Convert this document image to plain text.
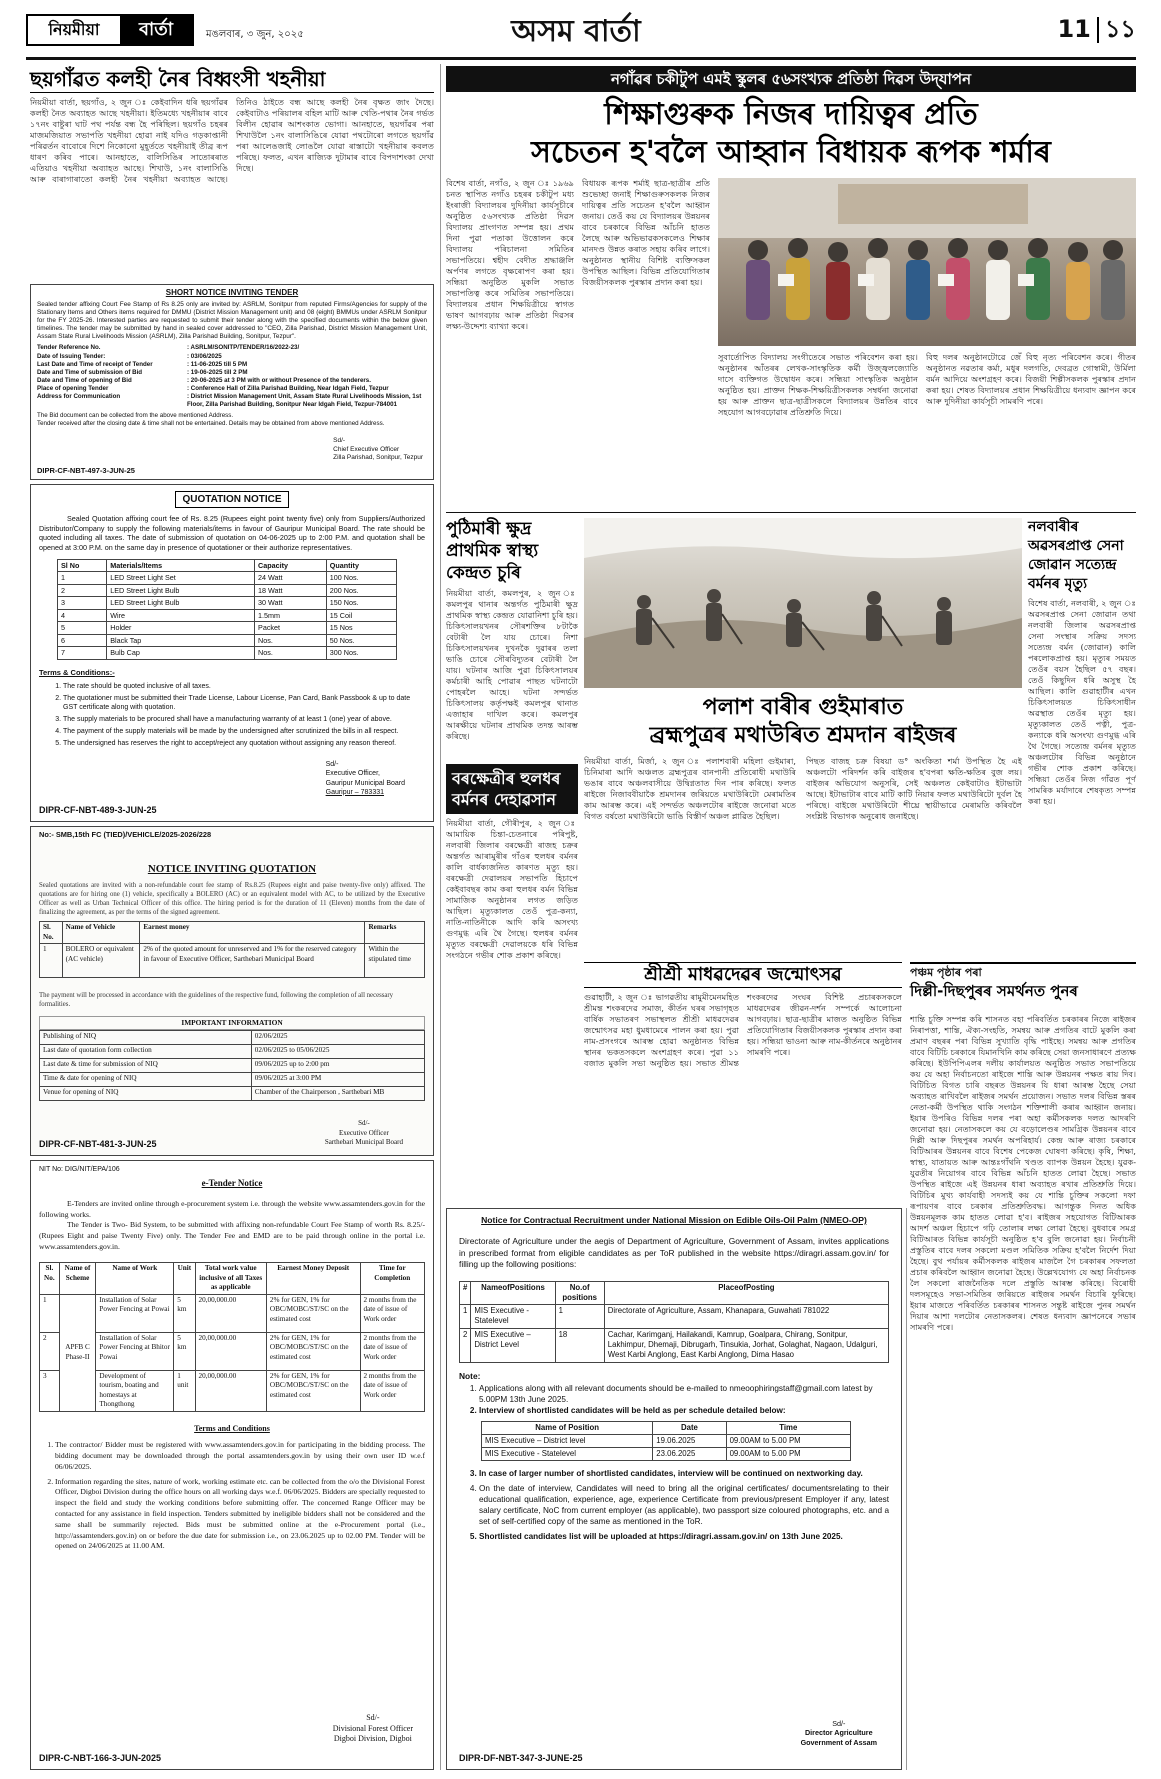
নিয়মীয়া	বাৰ্তা	মঙলবাৰ, ৩ জুন, ২০২৫	অসম বাৰ্তা	11 ১১
ছয়গাঁৱত কলহী নৈৰ বিধ্বংসী খহনীয়া
নিয়মীয়া বাৰ্তা, ছয়গাঁও, ২ জুন ঃ কেইবাদিন ধৰি ছয়গাঁৱৰ কলহী নৈত অব্যাহত আছে খহনীয়া। ইতিমধ্যে খহনীয়াৰ বাবে ১৭নং বাষ্টুৰা ঘাট পথ পৰ্যন্ত বন্ধ হৈ পৰিছিল। ছয়গাঁও চহৰৰ মাজমজিয়াত সভাপতি খহনীয়া হোৱা নাই যদিও গড়কাপ্তানী পৰিৱৰ্তন বাবোৰে দিশে নিকোনো মুহূৰ্ততে খহনীয়াই তীব্ৰ ৰূপ ধাৰণ কৰিব পাৰে। আনহাতে, বালিসিঙিৰ সাতোৰৰাত এতিয়াও খহনীয়া অব্যাহত আছে। শিখাউ, ১নং বালাসিঙি আৰু বাৰাগাৰাতো কলহী নৈৰ খহনীয়া অব্যাহত আছে। তিনিও ঠাইতে বন্ধ আছে কলহী নৈৰ বৃক্ষত জাং দৈছে। কেইবাটাও পৰিয়ালৰ বহিল মাটি আৰু খেতি-পথাৰ নৈৰ গৰ্ভত বিলীন হোৱাৰ আশংকাত ভোগা। আনহাতে, ছয়গাঁৱৰ পৰা শিখাউলৈ ১নং বালাসিঙিৰে যোৱা পথটোৰো লগতে ছয়গাঁৱ পৰা আলেঙজাই লোঙলৈ যোৱা ৰাস্তাটো খহনীয়াৰ কবলত পৰিছে। ফলত, এখন ৰাজ্যিক দুটামাৰ বাবে বিপদাশংকা দেখা দিছে।
SHORT NOTICE INVITING TENDER
Sealed tender affixing Court Fee Stamp of Rs 8.25 only are invited by: ASRLM, Sonitpur from reputed Firms/Agencies for supply of the Stationary Items and Others items required for DMMU (District Mission Management unit) and 08 (eight) BMMUs under ASRLM Sonitpur for the FY 2025-26. Interested parties are requested to submit their tender along with the specified documents within the below given timelines. The tender may be submitted by hand in sealed cover addressed to "CEO, Zilla Parishad, District Mission Management Unit, Assam State Rural Livelihoods Mission (ASRLM), Zilla Parishad Building, Sonitpur, Tezpur".
Tender Reference No.	: ASRLM/SONITP/TENDER/16/2022-23/
Date of Issuing Tender:	: 03/06/2025
Last Date and Time of receipt of Tender	: 11-06-2025 till 5 PM
Date and Time of submission of Bid	: 19-06-2025 till 2 PM
Date and Time of opening of Bid	: 20-06-2025 at 3 PM with or without Presence of the tenderers.
Place of opening Tender	: Conference Hall of Zilla Parishad Building, Near Idgah Field, Tezpur
Address for Communication	: District Mission Management Unit, Assam State Rural Livelihoods Mission, 1st Floor, Zilla Parishad Building, Sonitpur Near Idgah Field, Tezpur-784001
The Bid document can be collected from the above mentioned Address.
Tender received after the closing date & time shall not be entertained. Details may be obtained from above mentioned Address.
Sd/-
Chief Executive Officer
Zilla Parishad, Sonitpur, Tezpur
DIPR-CF-NBT-497-3-JUN-25
QUOTATION NOTICE
Sealed Quotation affixing court fee of Rs. 8.25 (Rupees eight point twenty five) only from Suppliers/Authorized Distributor/Company to supply the following materials/items in favour of Gauripur Municipal Board. The rate should be quoted including all taxes. The date of submission of quotation on 04-06-2025 up to 2:00 P.M. and quotation shall be opened at 3:00 P.M. on the same day in presence of quotationer or their authorize representatives.
Sl No	Materials/Items	Capacity	Quantity
1	LED Street Light Set	24 Watt	100 Nos.
2	LED Street Light Bulb	18 Watt	200 Nos.
3	LED Street Light Bulb	30 Watt	150 Nos.
4	Wire	1.5mm	15 Coil
5	Holder	Packet	15 Nos
6	Black Tap	Nos.	50 Nos.
7	Bulb Cap	Nos.	300 Nos.
Terms & Conditions:-
1. The rate should be quoted inclusive of all taxes.
2. The quotationer must be submitted their Trade License, Labour License, Pan Card, Bank Passbook & up to date GST certificate along with quotation.
3. The supply materials to be procured shall have a manufacturing warranty of at least 1 (one) year of above.
4. The payment of the supply materials will be made by the undersigned after scrutinized the bills in all respect.
5. The undersigned has reserves the right to accept/reject any quotation without assigning any reason thereof.
Sd/-
Executive Officer,
Gauripur Municipal Board
Gauripur – 783331
DIPR-CF-NBT-489-3-JUN-25
No:- SMB,15th FC (TIED)/VEHICLE/2025-2026/228
NOTICE INVITING QUOTATION
Sealed quotations are invited with a non-refundable court fee stamp of Rs.8.25 (Rupees eight and paise twenty-five only) affixed. The quotations are for hiring one (1) vehicle, specifically a BOLERO (AC) or an equivalent model with AC, to be utilized by the Executive Officer as well as Urban Technical Officer of this office. The hiring period is for the duration of 11 (Eleven) months from the date of finalizing the agreement, as per the terms of the signed agreement.
Sl. No.	Name of Vehicle	Earnest money	Remarks
1	BOLERO or equivalent (AC vehicle)	2% of the quoted amount for unreserved and 1% for the reserved category in favour of Executive Officer, Sarthebari Municipal Board	Within the stipulated time
The payment will be processed in accordance with the guidelines of the respective fund, following the completion of all necessary formalities.
IMPORTANT INFORMATION
Publishing of NIQ	02/06/2025
Last date of quotation form collection	02/06/2025 to 05/06/2025
Last date & time for submission of NIQ	09/06/2025 up to 2:00 pm
Time & date for opening of NIQ	09/06/2025 at 3:00 PM
Venue for opening of NIQ	Chamber of the Chairperson , Sarthebari MB
Sd/-
Executive Officer
Sarthebari Municipal Board
DIPR-CF-NBT-481-3-JUN-25
NIT No: DIG/NIT/EPA/106
e-Tender Notice
E-Tenders are invited online through e-procurement system i.e. through the website www.assamtenders.gov.in for the following works.
The Tender is Two- Bid System, to be submitted with affixing non-refundable Court Fee Stamp of worth Rs. 8.25/- (Rupees Eight and paise Twenty Five) only. The Tender Fee and EMD are to be paid through online in the portal i.e. www.assamtenders.gov.in.
Sl. No.	Name of Scheme	Name of Work	Unit	Total work value inclusive of all Taxes as applicable	Earnest Money Deposit	Time for Completion
1	APFB C Phase-II	Installation of Solar Power Fencing at Powai	5 km	20,00,000.00	2% for GEN, 1% for OBC/MOBC/ST/SC on the estimated cost	2 months from the date of issue of Work order
2		Installation of Solar Power Fencing at Bhitor Powai	5 km	20,00,000.00	2% for GEN, 1% for OBC/MOBC/ST/SC on the estimated cost	2 months from the date of issue of Work order
3		Development of tourism, boating and homestays at Thongthong	1 unit	20,00,000.00	2% for GEN, 1% for OBC/MOBC/ST/SC on the estimated cost	2 months from the date of issue of Work order
Terms and Conditions
1. The contractor/ Bidder must be registered with www.assamtenders.gov.in for participating in the bidding process. The bidding document may be downloaded through the portal assamtenders.gov.in by using their own user ID w.e.f 06/06/2025.
2. Information regarding the sites, nature of work, working estimate etc. can be collected from the o/o the Divisional Forest Officer, Digboi Division during the office hours on all working days w.e.f. 06/06/2025. Bidders are specially requested to inspect the field and study the working conditions before submitting offer. The concerned Range Officer may be contacted for any assistance in field inspection. Tenders submitted by ineligible bidders shall not be considered and the same shall be summarily rejected. Bids must be submitted online at the e-Procurement portal (i.e., http://assamtenders.gov.in) on or before the due date for submission i.e., on 23.06.2025 up to 02.00 PM. Tender will be opened on 24/06/2025 at 11.00 AM.
Sd/-
Divisional Forest Officer
Digboi Division, Digboi
DIPR-C-NBT-166-3-JUN-2025
নগাঁৱৰ চকীটুপ এমই স্কুলৰ ৫৬সংখ্যক প্ৰতিষ্ঠা দিৱস উদ্‌যাপন
শিক্ষাগুৰুক নিজৰ দায়িত্বৰ প্ৰতি
সচেতন হ'বলৈ আহ্বান বিধায়ক ৰূপক শৰ্মাৰ
বিশেষ বাৰ্তা, নগাঁও, ২ জুন ঃ ১৯৬৯ চনত স্থাপিত নগাঁও চহৰৰ চকীটুপ মধ্য ইংৰাজী বিদ্যালয়ৰ দুদিনীয়া কাৰ্যসূচীৰে অনুষ্ঠিত ৫৬সংখ্যক প্ৰতিষ্ঠা দিৱস বিদ্যালয় প্ৰাংগণত সম্পন্ন হয়। প্ৰথম দিনা পুৱা পতাকা উত্তোলন কৰে বিদ্যালয় পৰিচালনা সমিতিৰ সভাপতিয়ে। শ্বহীদ বেদীত শ্ৰদ্ধাঞ্জলি অৰ্পণৰ লগতে বৃক্ষৰোপণ কৰা হয়। সন্ধিয়া অনুষ্ঠিত মুকলি সভাত সভাপতিত্ব কৰে সমিতিৰ সভাপতিয়ে। বিদ্যালয়ৰ প্ৰধান শিক্ষয়িত্ৰীয়ে স্বাগত ভাষণ আগবঢ়ায় আৰু প্ৰতিষ্ঠা দিৱসৰ লক্ষ্য-উদ্দেশ্য ব্যাখ্যা কৰে।
বিধায়ক ৰূপক শৰ্মাই ছাত্ৰ-ছাত্ৰীৰ প্ৰতি শুভেচ্ছা জনাই শিক্ষাগুৰুসকলক নিজৰ দায়িত্বৰ প্ৰতি সচেতন হ'বলৈ আহ্বান জনায়। তেওঁ কয় যে বিদ্যালয়ৰ উন্নয়নৰ বাবে চৰকাৰে বিভিন্ন আঁচনি হাতত লৈছে আৰু অভিভাৱকসকলেও শিক্ষাৰ মানদণ্ড উন্নত কৰাত সহায় কৰিব লাগে। অনুষ্ঠানত স্থানীয় বিশিষ্ট ব্যক্তিসকল উপস্থিত আছিল। বিভিন্ন প্ৰতিযোগিতাৰ বিজয়ীসকলক পুৰস্কাৰ প্ৰদান কৰা হয়।
সুবাৰ্তোপিত বিদ্যালয় সংগীতেৰে সভাত পৰিবেশন কৰা হয়। অনুষ্ঠানৰ আঁতৰৰ লেখক-সাংস্কৃতিক কৰ্মী উজ্জ্বলজ্যোতি দাসে ব্যক্তিগত উদ্বোধন কৰে। সন্ধিয়া সাংস্কৃতিক অনুষ্ঠান অনুষ্ঠিত হয়। প্ৰাক্তন শিক্ষক-শিক্ষয়িত্ৰীসকলক সম্বৰ্ধনা জনোৱা হয় আৰু প্ৰাক্তন ছাত্ৰ-ছাত্ৰীসকলে বিদ্যালয়ৰ উন্নতিৰ বাবে সহযোগ আগবঢ়োৱাৰ প্ৰতিশ্ৰুতি দিয়ে।
বিহু দলৰ অনুষ্ঠানটোৱে জেঁ বিহু নৃত্য পৰিবেশন কৰে। গীতৰ অনুষ্ঠানত নৱতাৰ কৰ্মা, মধুৰ দলগতি, দেবব্ৰত গোস্বামী, উৰ্মিলা বৰ্মন আদিয়ে অংশগ্ৰহণ কৰে। বিজয়ী শিল্পীসকলক পুৰস্কাৰ প্ৰদান কৰা হয়। শেষত বিদ্যালয়ৰ প্ৰধান শিক্ষয়িত্ৰীয়ে ধন্যবাদ জ্ঞাপন কৰে আৰু দুদিনীয়া কাৰ্যসূচী সামৰণি পৰে।
পুঠিমাৰী ক্ষুদ্ৰ প্ৰাথমিক স্বাস্থ্য কেন্দ্ৰত চুৰি
নিয়মীয়া বাৰ্তা, কমলপুৰ, ২ জুন ঃ কমলপুৰ থানাৰ অন্তৰ্গত পুঠিমাৰী ক্ষুদ্ৰ প্ৰাথমিক স্বাস্থ্য কেন্দ্ৰত যোৱানিশা চুৰি হয়। চিকিৎসালয়খনৰ সৌৰশক্তিৰ ৮টাকৈ বেটাৰী লৈ যায় চোৰে। নিশা চিকিৎসালয়খনৰ দুখনকৈ দুৱাৰৰ তলা ভাঙি চোৰে সৌৰবিদ্যুতৰ বেটাৰী লৈ যায়। ঘটনাৰ আজি পুৱা চিকিৎসালয়ৰ কৰ্মচাৰী আহি পোৱাৰ পাছত ঘটনাটো পোহৰলৈ আহে। ঘটনা সন্দৰ্ভত চিকিৎসালয় কৰ্তৃপক্ষই কমলপুৰ থানাত এজাহাৰ দাখিল কৰে। কমলপুৰ আৰক্ষীয়ে ঘটনাৰ প্ৰাথমিক তদন্ত আৰম্ভ কৰিছে।
নলবাৰীৰ অৱসৰপ্ৰাপ্ত সেনা জোৱান সত্যেন্দ্ৰ বৰ্মনৰ মৃত্যু
বিশেষ বাৰ্তা, নলবাৰী, ২ জুন ঃ অৱসৰপ্ৰাপ্ত সেনা জোৱান তথা নলবাৰী জিলাৰ অৱসৰপ্ৰাপ্ত সেনা সংস্থাৰ সক্ৰিয় সদস্য সত্যেন্দ্ৰ বৰ্মন (জোৱান) কালি পৰলোকপ্ৰাপ্ত হয়। মৃত্যুৰ সময়ত তেওঁৰ বয়স হৈছিল ৫৭ বছৰ। তেওঁ কিছুদিন ধৰি অসুস্থ হৈ আছিল। কালি গুৱাহাটীৰ এখন চিকিৎসালয়ত চিকিৎসাধীন অৱস্থাত তেওঁৰ মৃত্যু হয়। মৃত্যুকালত তেওঁ পত্নী, পুত্ৰ-কন্যাকে ধৰি অসংখ্য গুণমুগ্ধ এৰি থৈ গৈছে। সত্যেন্দ্ৰ বৰ্মনৰ মৃত্যুত অঞ্চলটোৰ বিভিন্ন অনুষ্ঠানে গভীৰ শোক প্ৰকাশ কৰিছে। সন্ধিয়া তেওঁৰ নিজ গাঁৱত পূৰ্ণ সামৰিক মৰ্যাদাৰে শেষকৃত্য সম্পন্ন কৰা হয়।
বৰক্ষেত্ৰীৰ হুলধৰ বৰ্মনৰ দেহাৱসান
নিয়মীয়া বাৰ্তা, গৌৰীপুৰ, ২ জুন ঃ আমায়িক চিন্তা-চেতনাৰে পৰিপুষ্ট, নলবাৰী জিলাৰ বৰক্ষেত্ৰী ৰাজহ চক্ৰৰ অন্তৰ্গত আৰামুৰীৰ গাঁওৰ হুলধৰ বৰ্মনৰ কালি বাৰ্ধক্যজনিত কাৰণত মৃত্যু হয়। বৰক্ষেত্ৰী দেৱালয়ৰ সভাপতি হিচাপে কেইবাবছৰ কাম কৰা হুলধৰ বৰ্মন বিভিন্ন সামাজিক অনুষ্ঠানৰ লগত জড়িত আছিল। মৃত্যুকালত তেওঁ পুত্ৰ-কন্যা, নাতি-নাতিনীকে আদি কৰি অসংখ্য গুণমুগ্ধ এৰি থৈ গৈছে। হুলধৰ বৰ্মনৰ মৃত্যুত বৰক্ষেত্ৰী দেৱালয়কে ধৰি বিভিন্ন সংগঠনে গভীৰ শোক প্ৰকাশ কৰিছে।
পলাশ বাৰীৰ গুইমাৰাত
ব্ৰহ্মপুত্ৰৰ মথাউৰিত শ্ৰমদান ৰাইজৰ
নিয়মীয়া বাৰ্তা, মিৰ্জা, ২ জুন ঃ পলাশবাৰী মহিলা গুইমাৰা, চিনিমাৰা আদি অঞ্চলত ব্ৰহ্মপুত্ৰৰ বানপানী প্ৰতিৰোধী মথাউৰি ভঙাৰ বাবে অঞ্চলবাসীয়ে উদ্বিগ্নতাত দিন পাৰ কৰিছে। ফলত ৰাইজে নিজাববীয়াকৈ শ্ৰমদানৰ জৰিয়তে মথাউৰিটো মেৰামতিৰ কাম আৰম্ভ কৰে। এই সন্দৰ্ভত অঞ্চলটোৰ ৰাইজে জনোৱা মতে বিগত বৰ্ষতো মথাউৰিটো ভাঙি বিস্তীৰ্ণ অঞ্চল প্লাৱিত হৈছিল।
পিছত বাজহ চক্ৰ বিষয়া ড° অংকিতা শৰ্মা উপস্থিত হৈ এই অঞ্চলটো পৰিদৰ্শন কৰি বাইজৰ হ'বপৰা ক্ষতি-ক্ষতিৰ বুজ লয়। বাইজৰ অভিযোগ অনুসৰি, সেই অঞ্চলত কেইবাটাও ইটাভাটা আছে। ইটাভাটাৰ বাবে মাটি কাটি নিয়াৰ ফলত মথাউৰিটো দুৰ্বল হৈ পৰিছে। বাইজে মথাউৰিটো শীঘ্ৰে স্থায়ীভাৱে মেৰামতি কৰিবলৈ সংশ্লিষ্ট বিভাগক অনুৰোধ জনাইছে।
শ্ৰীশ্ৰী মাধৱদেৱৰ জন্মোৎসৱ
গুৱাহাটী, ২ জুন ঃ ভাগৱতীয় ৰামুমীমেনমহিত শ্ৰীমন্ত শংকৰদেৱ সমাজ, কীৰ্তন ঘৰৰ সভাগৃহত বাৰ্ষিক সভাতৰণ সভাস্থলত শ্ৰীশ্ৰী মাধৱদেৱৰ জন্মোৎসৱ মহা ধুমধামেৰে পালন কৰা হয়। পুৱা নাম-প্ৰসংগৰে আৰম্ভ হোৱা অনুষ্ঠানত বিভিন্ন স্থানৰ ভকতসকলে অংশগ্ৰহণ কৰে। পুৱা ১১ বজাত মুকলি সভা অনুষ্ঠিত হয়। সভাত শ্ৰীমন্ত শংকৰদেৱ সংঘৰ বিশিষ্ট প্ৰচাৰকসকলে মাধৱদেৱৰ জীৱন-দৰ্শন সম্পৰ্কে আলোচনা আগবঢ়ায়। ছাত্ৰ-ছাত্ৰীৰ মাজত অনুষ্ঠিত বিভিন্ন প্ৰতিযোগিতাৰ বিজয়ীসকলক পুৰস্কাৰ প্ৰদান কৰা হয়। সন্ধিয়া ভাওনা আৰু নাম-কীৰ্তনৰে অনুষ্ঠানৰ সামৰণি পৰে।
পঞ্চম পৃষ্ঠাৰ পৰা
দিল্লী-দিছপুৰৰ সমৰ্থনত পুনৰ
শান্তি চুক্তি সম্পন্ন কৰি শাসনত বহা পৰিবৰ্তিত চৰকাৰৰ নিজে ৰাইজৰ নিৰাপত্তা, শান্তি, ঐক্য-সংহতি, সমন্বয় আৰু প্ৰগতিৰ বাটে মুকলি কৰা প্ৰমাণ বছৰৰ পৰা বিভিন্ন সুখ্যাতি বৃদ্ধি পাইছে। সমন্বয় আৰু প্ৰগতিৰ বাবে বিটিচি চৰকাৰে যিমানখিনি কাম কৰিছে সেয়া জনসাধাৰণে প্ৰত্যক্ষ কৰিছে। ইউপিপিএলৰ দলীয় কাৰ্যালয়ত অনুষ্ঠিত সভাত সভাপতিয়ে কয় যে অহা নিৰ্বাচনতো ৰাইজে শান্তি আৰু উন্নয়নৰ পক্ষত ৰায় দিব। বিটিচিত বিগত চাৰি বছৰত উন্নয়নৰ যি ধাৰা আৰম্ভ হৈছে সেয়া অব্যাহত ৰাখিবলৈ ৰাইজৰ সমৰ্থন প্ৰয়োজন। সভাত দলৰ বিভিন্ন স্তৰৰ নেতা-কৰ্মী উপস্থিত থাকি সংগঠন শক্তিশালী কৰাৰ আহ্বান জনায়। ইয়াৰ উপৰিও বিভিন্ন দলৰ পৰা অহা কৰ্মীসকলক দলত আদৰণি জনোৱা হয়। নেতাসকলে কয় যে বড়োলেণ্ডৰ সামগ্ৰিক উন্নয়নৰ বাবে দিল্লী আৰু দিছপুৰৰ সমৰ্থন অপৰিহাৰ্য। কেন্দ্ৰ আৰু ৰাজ্য চৰকাৰে বিটিআৰৰ উন্নয়নৰ বাবে বিশেষ পেকেজ ঘোষণা কৰিছে। কৃষি, শিক্ষা, স্বাস্থ্য, যাতায়ত আৰু আন্তঃগাঁথনি খণ্ডত ব্যাপক উন্নয়ন হৈছে। যুৱক-যুৱতীৰ নিয়োগৰ বাবে বিভিন্ন আঁচনি হাতত লোৱা হৈছে। সভাত উপস্থিত ৰাইজে এই উন্নয়নৰ ধাৰা অব্যাহত ৰখাৰ প্ৰতিশ্ৰুতি দিয়ে। বিটিচিৰ মুখ্য কাৰ্যবাহী সদস্যই কয় যে শান্তি চুক্তিৰ সকলো দফা ৰূপায়ণৰ বাবে চৰকাৰ প্ৰতিশ্ৰুতিবদ্ধ। আগন্তুক দিনত অধিক উন্নয়নমূলক কাম হাতত লোৱা হ'ব। ৰাইজৰ সহযোগত বিটিআৰক আদৰ্শ অঞ্চল হিচাপে গঢ়ি তোলাৰ লক্ষ্য লোৱা হৈছে। বুধবাৰে সমগ্ৰ বিটিআৰত বিভিন্ন কাৰ্যসূচী অনুষ্ঠিত হ'ব বুলি জনোৱা হয়। নিৰ্বাচনী প্ৰস্তুতিৰ বাবে দলৰ সকলো মণ্ডল সমিতিক সক্ৰিয় হ'বলৈ নিৰ্দেশ দিয়া হৈছে। বুথ পৰ্যায়ৰ কৰ্মীসকলক ৰাইজৰ মাজলৈ গৈ চৰকাৰৰ সফলতা প্ৰচাৰ কৰিবলৈ আহ্বান জনোৱা হৈছে। উল্লেখযোগ্য যে অহা নিৰ্বাচনক লৈ সকলো ৰাজনৈতিক দলে প্ৰস্তুতি আৰম্ভ কৰিছে। বিৰোধী দলসমূহেও সভা-সমিতিৰ জৰিয়তে ৰাইজৰ সমৰ্থন বিচাৰি ফুৰিছে। ইয়াৰ মাজতে পৰিবৰ্তিত চৰকাৰৰ শাসনত সন্তুষ্ট ৰাইজে পুনৰ সমৰ্থন দিয়াৰ আশা দলটোৰ নেতাসকলৰ। শেষত ধন্যবাদ জ্ঞাপনেৰে সভাৰ সামৰণি পৰে।
Notice for Contractual Recruitment under National Mission on Edible Oils-Oil Palm (NMEO-OP)
Directorate of Agriculture under the aegis of Department of Agriculture, Government of Assam, invites applications in prescribed format from eligible candidates as per ToR published in the website https://diragri.assam.gov.in/ for filling up the following positions:
#	NameofPositions	No.of positions	PlaceofPosting
1	MIS Executive - Statelevel	1	Directorate of Agriculture, Assam, Khanapara, Guwahati 781022
2	MIS Executive – District Level	18	Cachar, Karimganj, Hailakandi, Kamrup, Goalpara, Chirang, Sonitpur, Lakhimpur, Dhemaji, Dibrugarh, Tinsukia, Jorhat, Golaghat, Nagaon, Udalguri, West Karbi Anglong, East Karbi Anglong, Dima Hasao
Note:
1. Applications along with all relevant documents should be e-mailed to nmeoophiringstaff@gmail.com latest by 5.00PM 13th June 2025.
2. Interview of shortlisted candidates will be held as per schedule detailed below:
Name of Position	Date	Time
MIS Executive – District level	19.06.2025	09.00AM to 5.00 PM
MIS Executive - Statelevel	23.06.2025	09.00AM to 5.00 PM
3. In case of larger number of shortlisted candidates, interview will be continued on nextworking day.
4. On the date of interview, Candidates will need to bring all the original certificates/ documentsrelating to their educational qualification, experience, age, experience Certificate from previous/present Employer if any, latest salary certificate, NoC from current employer (as applicable), two passport size coloured photographs, etc. and a set of self-certified copy of the same as mentioned in the ToR.
5. Shortlisted candidates list will be uploaded at https://diragri.assam.gov.in/ on 13th June 2025.
Sd/-
Director Agriculture
Government of Assam
DIPR-DF-NBT-347-3-JUNE-25
